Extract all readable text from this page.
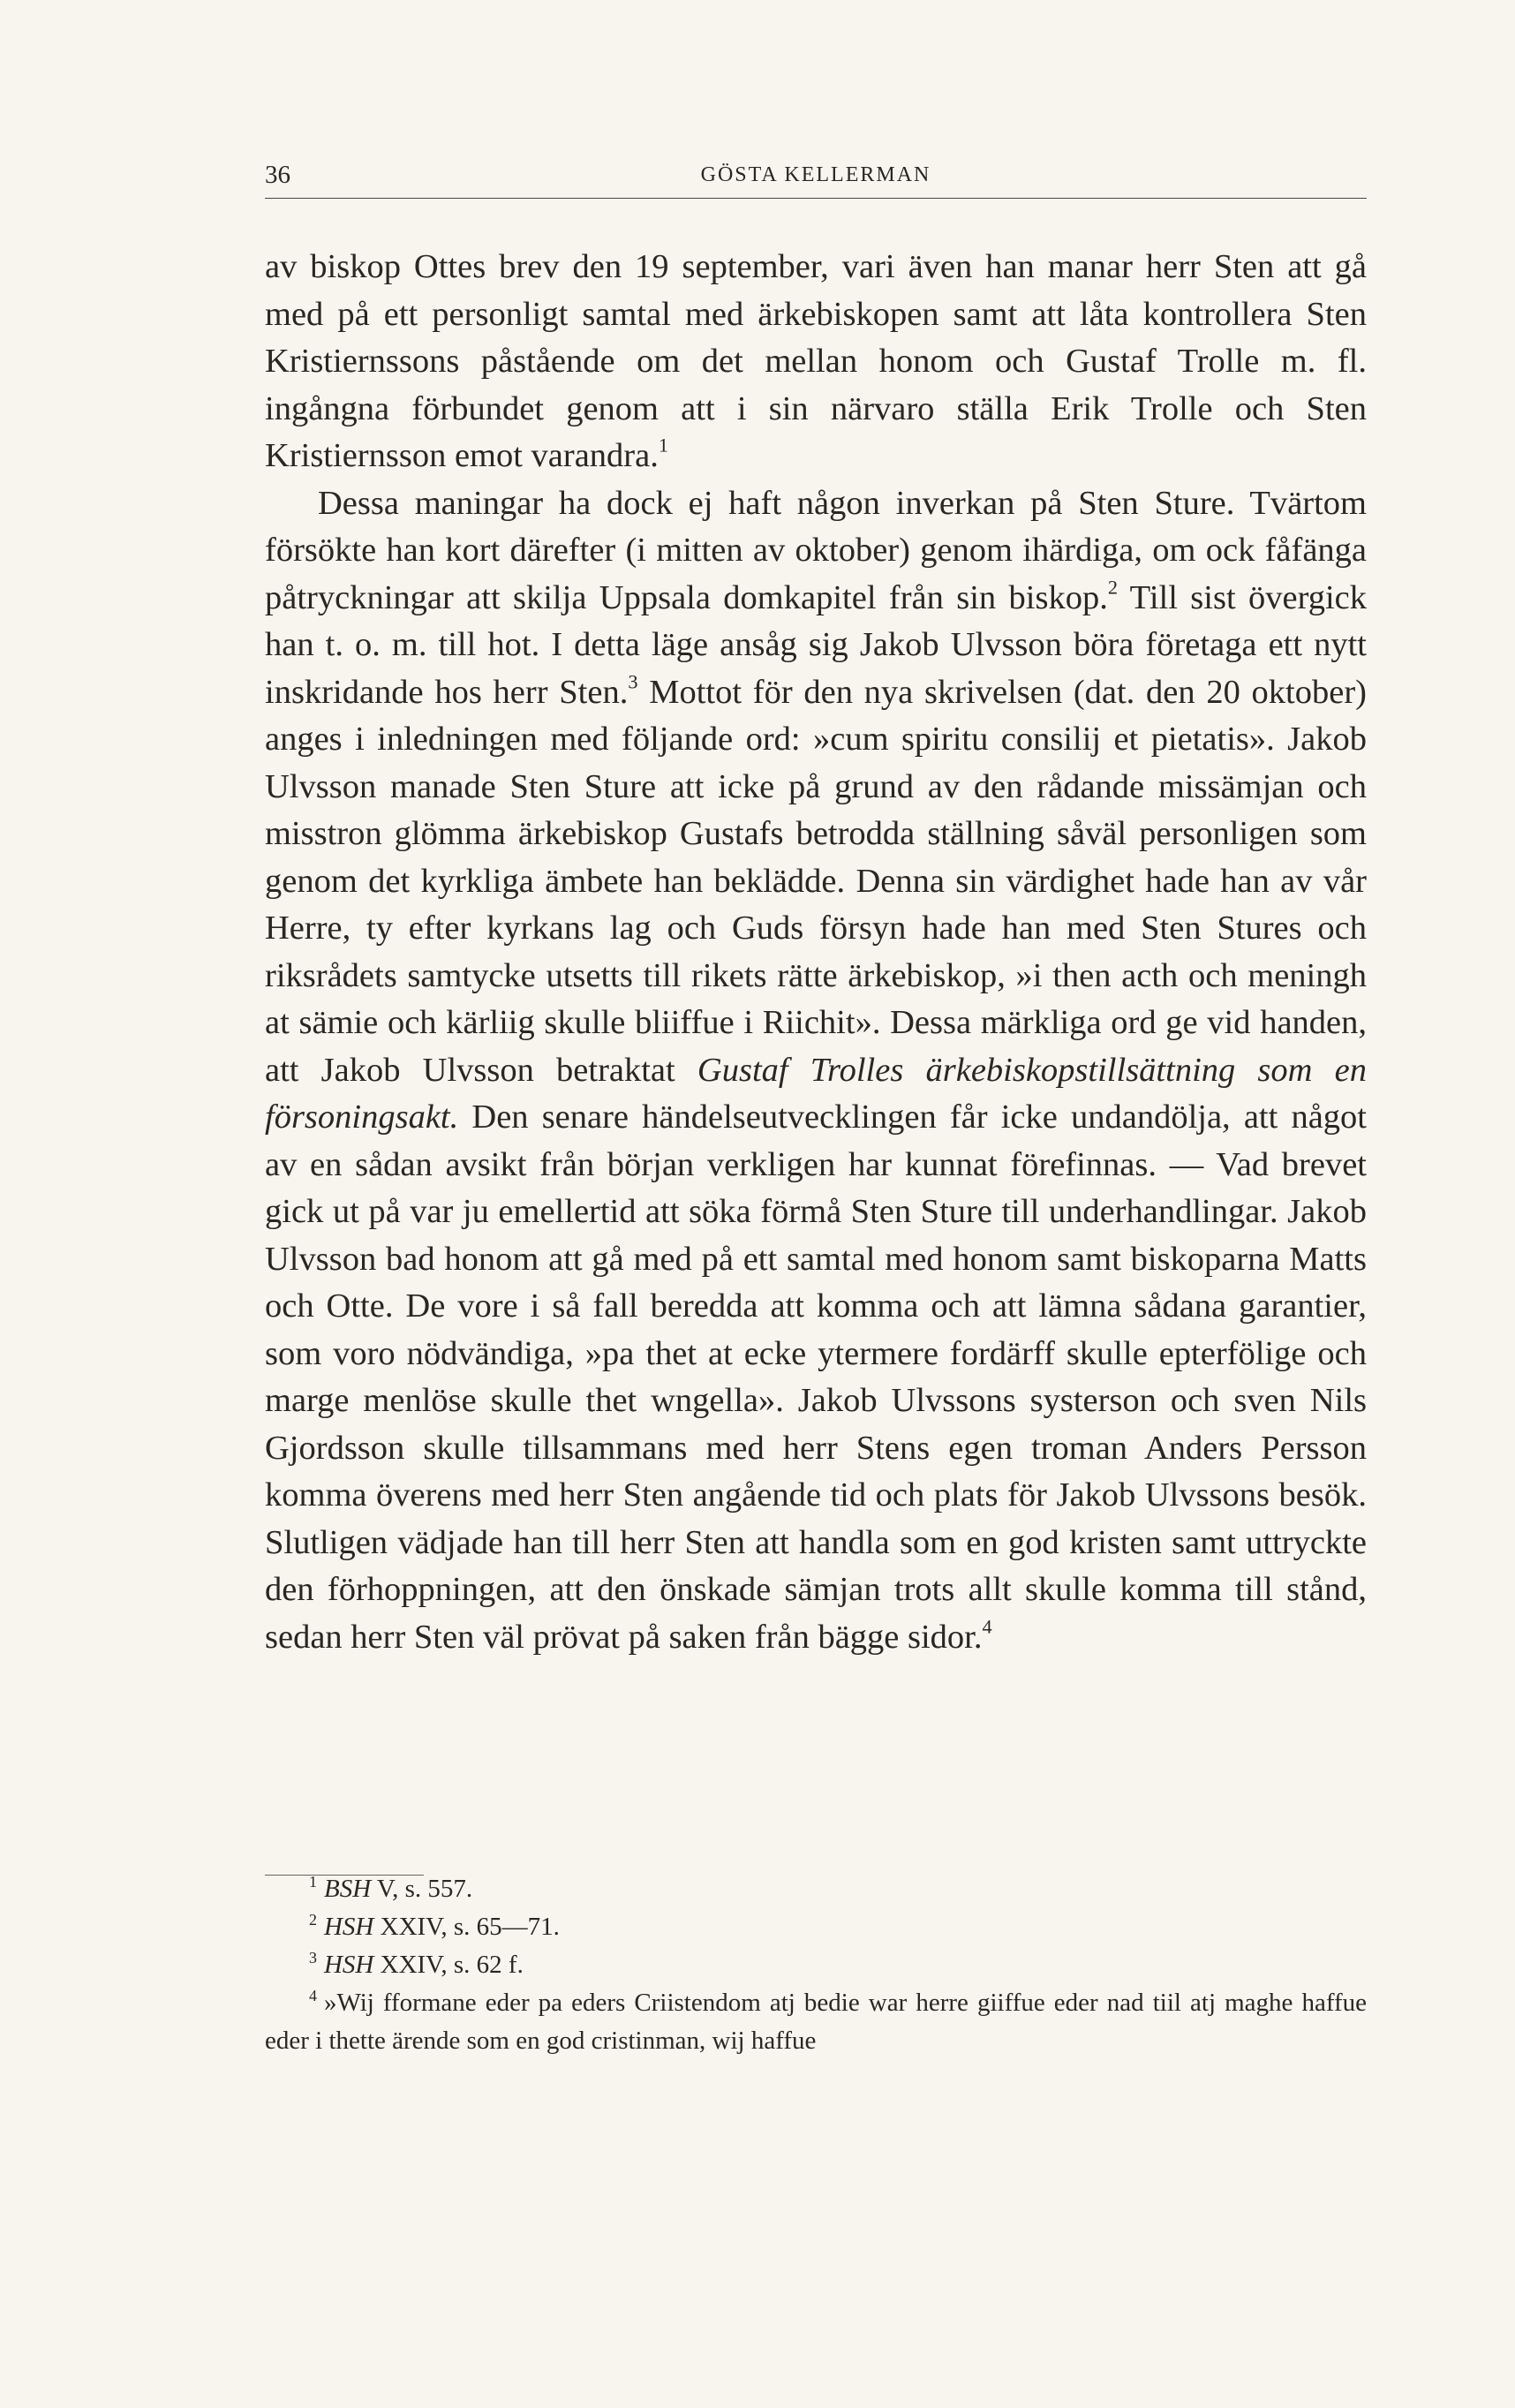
36	GÖSTA KELLERMAN

av biskop Ottes brev den 19 september, vari även han manar herr Sten att gå med på ett personligt samtal med ärkebiskopen samt att låta kontrollera Sten Kristiernssons påstående om det mellan honom och Gustaf Trolle m. fl. ingångna förbundet genom att i sin närvaro ställa Erik Trolle och Sten Kristiernsson emot varandra.$^1$

Dessa maningar ha dock ej haft någon inverkan på Sten Sture. Tvärtom försökte han kort därefter (i mitten av oktober) genom ihärdiga, om ock fåfänga påtryckningar att skilja Uppsala domkapitel från sin biskop.$^2$ Till sist övergick han t. o. m. till hot. I detta läge ansåg sig Jakob Ulvsson böra företaga ett nytt inskridande hos herr Sten.$^3$ Mottot för den nya skrivelsen (dat. den 20 oktober) anges i inledningen med följande ord: »cum spiritu consilij et pietatis». Jakob Ulvsson manade Sten Sture att icke på grund av den rådande missämjan och misstron glömma ärkebiskop Gustafs betrodda ställning såväl personligen som genom det kyrkliga ämbete han beklädde. Denna sin värdighet hade han av vår Herre, ty efter kyrkans lag och Guds försyn hade han med Sten Stures och riksrådets samtycke utsetts till rikets rätte ärkebiskop, »i then acth och meningh at sämie och kärliig skulle bliiffue i Riichit». Dessa märkliga ord ge vid handen, att Jakob Ulvsson betraktat Gustaf Trolles ärkebiskopstillsättning som en försoningsakt. Den senare händelseutvecklingen får icke undandölja, att något av en sådan avsikt från början verkligen har kunnat förefinnas. — Vad brevet gick ut på var ju emellertid att söka förmå Sten Sture till underhandlingar. Jakob Ulvsson bad honom att gå med på ett samtal med honom samt biskoparna Matts och Otte. De vore i så fall beredda att komma och att lämna sådana garantier, som voro nödvändiga, »pa thet at ecke ytermere fordärff skulle epterfölige och marge menlöse skulle thet wngella». Jakob Ulvssons systerson och sven Nils Gjordsson skulle tillsammans med herr Stens egen troman Anders Persson komma överens med herr Sten angående tid och plats för Jakob Ulvssons besök. Slutligen vädjade han till herr Sten att handla som en god kristen samt uttryckte den förhoppningen, att den önskade sämjan trots allt skulle komma till stånd, sedan herr Sten väl prövat på saken från bägge sidor.$^4$

$^1$ BSH V, s. 557.

$^2$ HSH XXIV, s. 65—71.

$^3$ HSH XXIV, s. 62 f.

$^4$ »Wij fformane eder pa eders Criistendom atj bedie war herre giiffue eder nad tiil atj maghe haffue eder i thette ärende som en god cristinman, wij haffue
